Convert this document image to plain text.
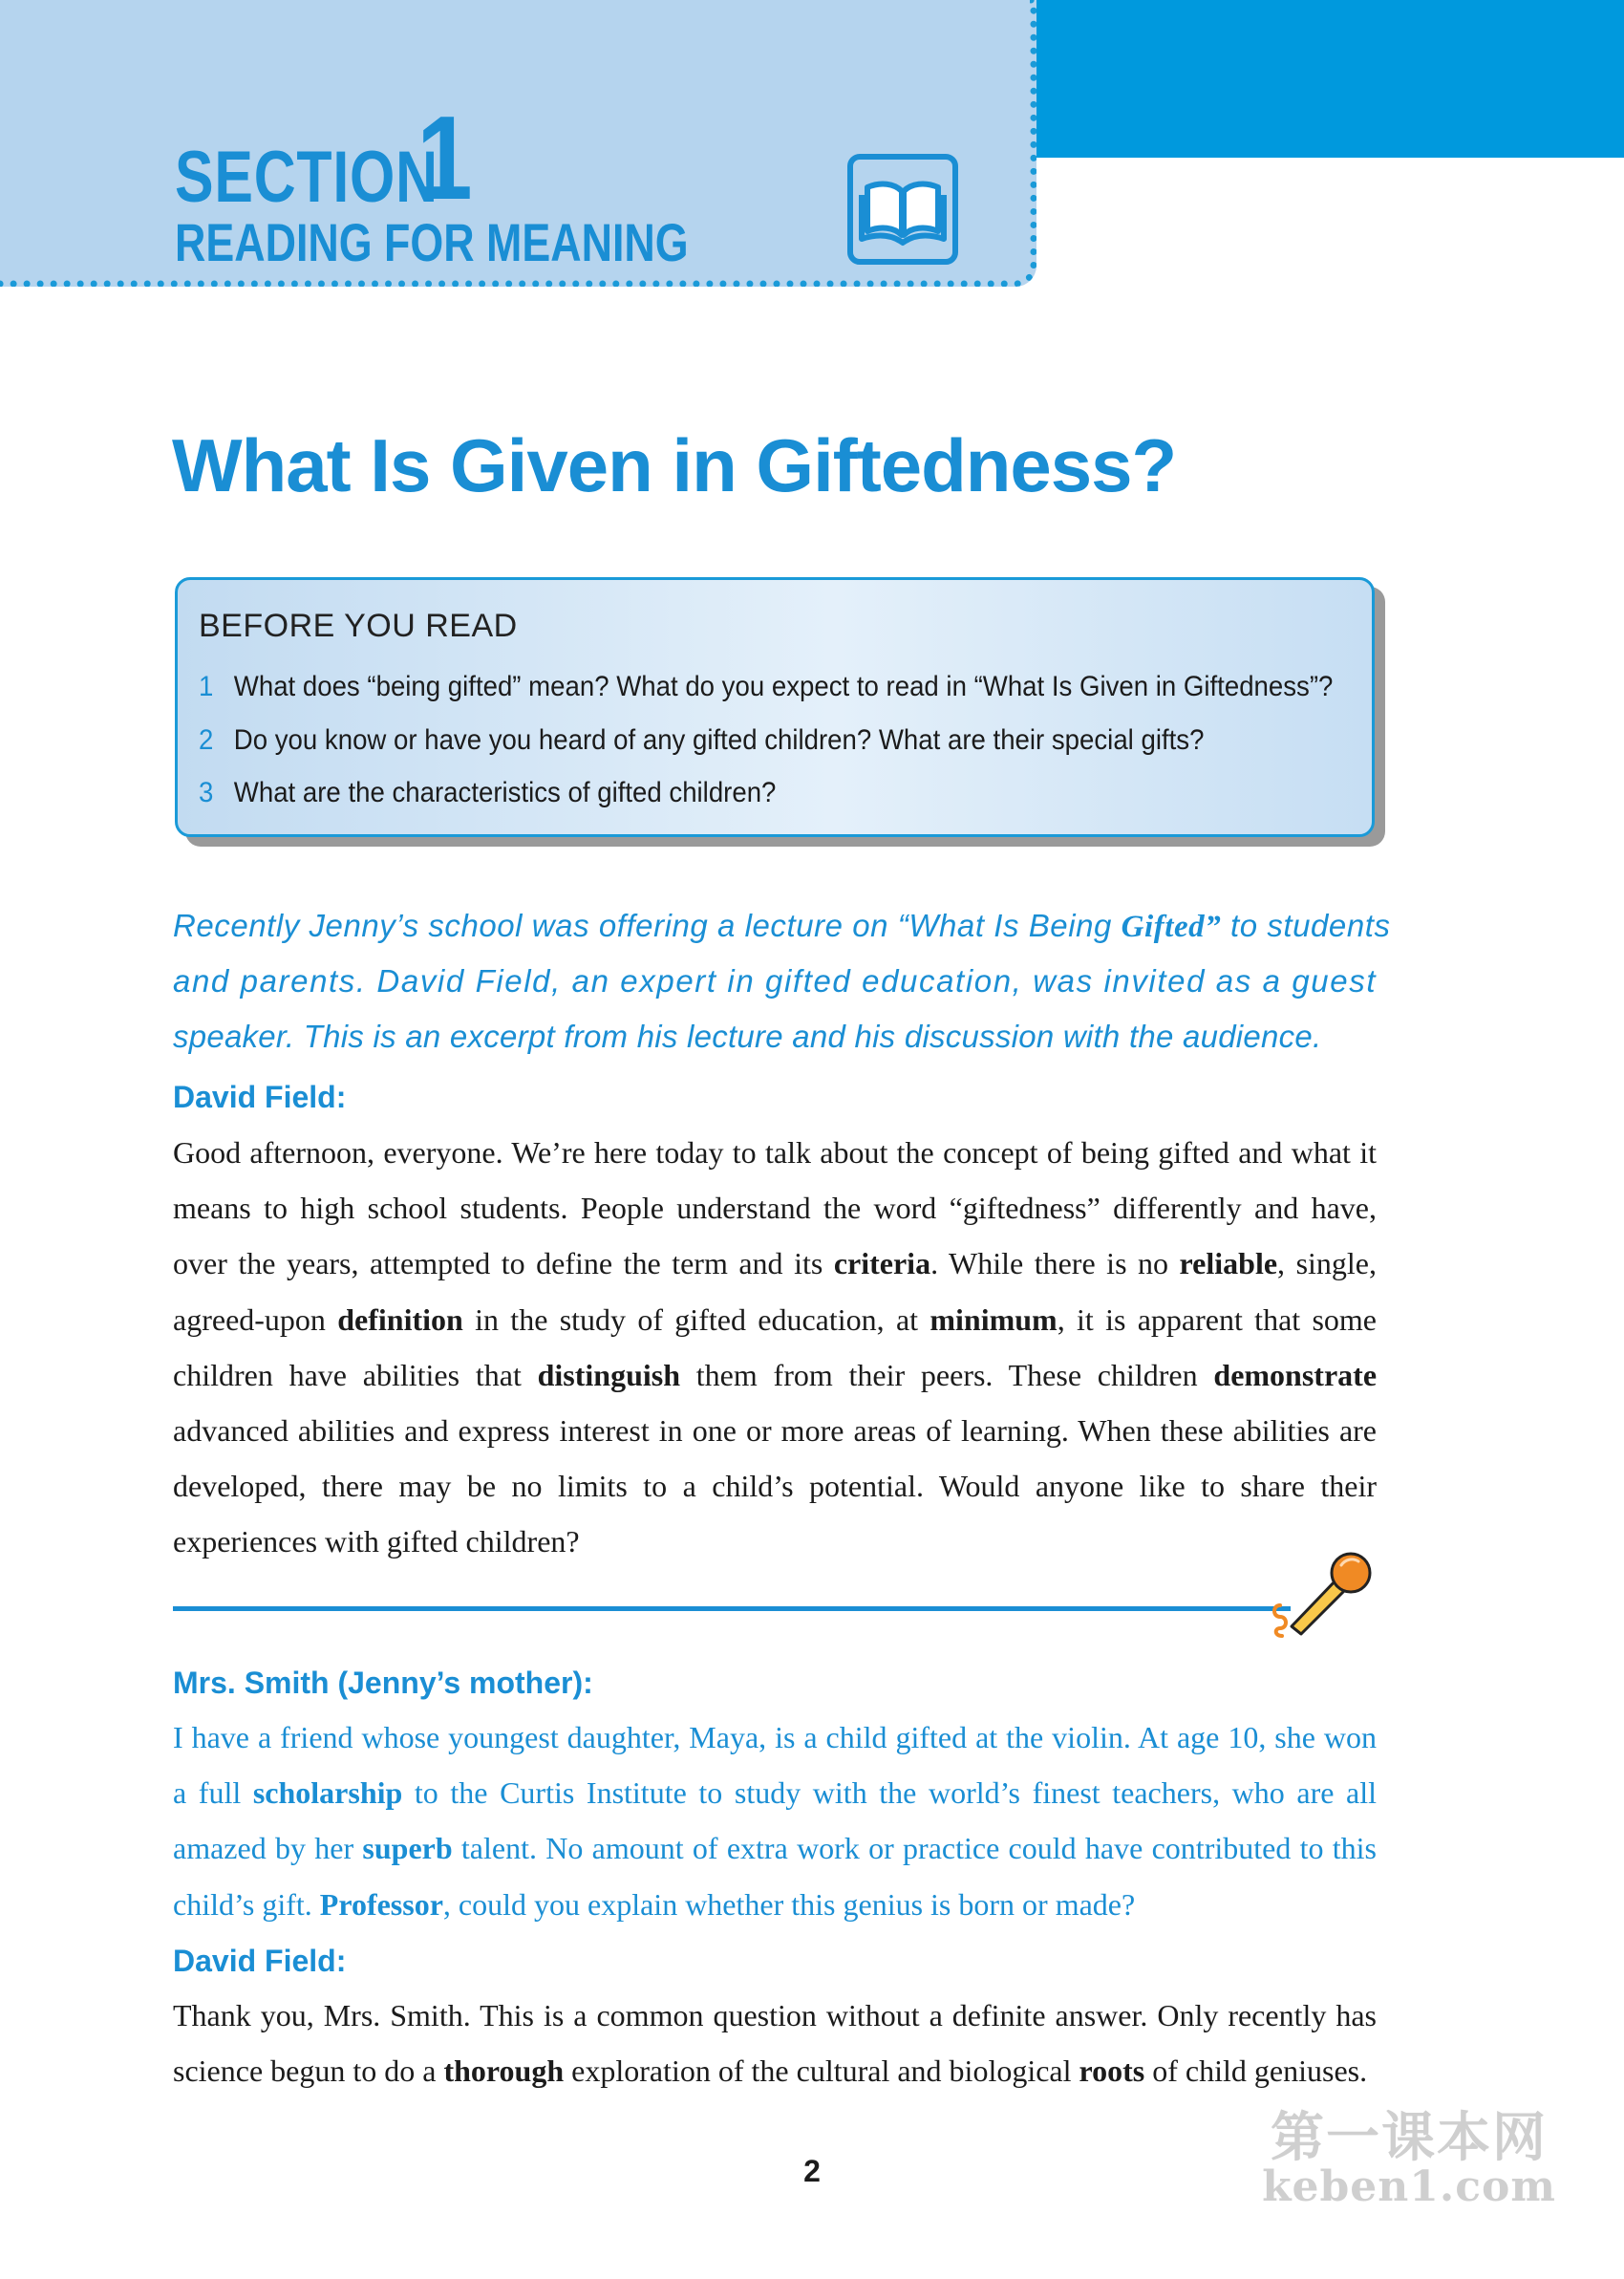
SECTION
1
READING FOR MEANING
What Is Given in Giftedness?
BEFORE YOU READ
1 What does “being gifted” mean? What do you expect to read in “What Is Given in Giftedness”?
2 Do you know or have you heard of any gifted children? What are their special gifts?
3 What are the characteristics of gifted children?
Recently Jenny’s school was offering a lecture on “What Is Being Gifted” to students
and parents. David Field, an expert in gifted education, was invited as a guest
speaker. This is an excerpt from his lecture and his discussion with the audience.
David Field:

Good afternoon, everyone. We’re here today to talk about the concept of being gifted and what it means to high school students. People understand the word “giftedness” differently and have, over the years, attempted to define the term and its criteria. While there is no reliable, single, agreed-upon definition in the study of gifted education, at minimum, it is apparent that some children have abilities that distinguish them from their peers. These children demonstrate advanced abilities and express interest in one or more areas of learning. When these abilities are developed, there may be no limits to a child’s potential. Would anyone like to share their experiences with gifted children?

Mrs. Smith (Jenny’s mother):

I have a friend whose youngest daughter, Maya, is a child gifted at the violin. At age 10, she won a full scholarship to the Curtis Institute to study with the world’s finest teachers, who are all amazed by her superb talent. No amount of extra work or practice could have contributed to this child’s gift. Professor, could you explain whether this genius is born or made?

David Field:

Thank you, Mrs. Smith. This is a common question without a definite answer. Only recently has science begun to do a thorough exploration of the cultural and biological roots of child geniuses.

2
第一课本网
keben1.com
